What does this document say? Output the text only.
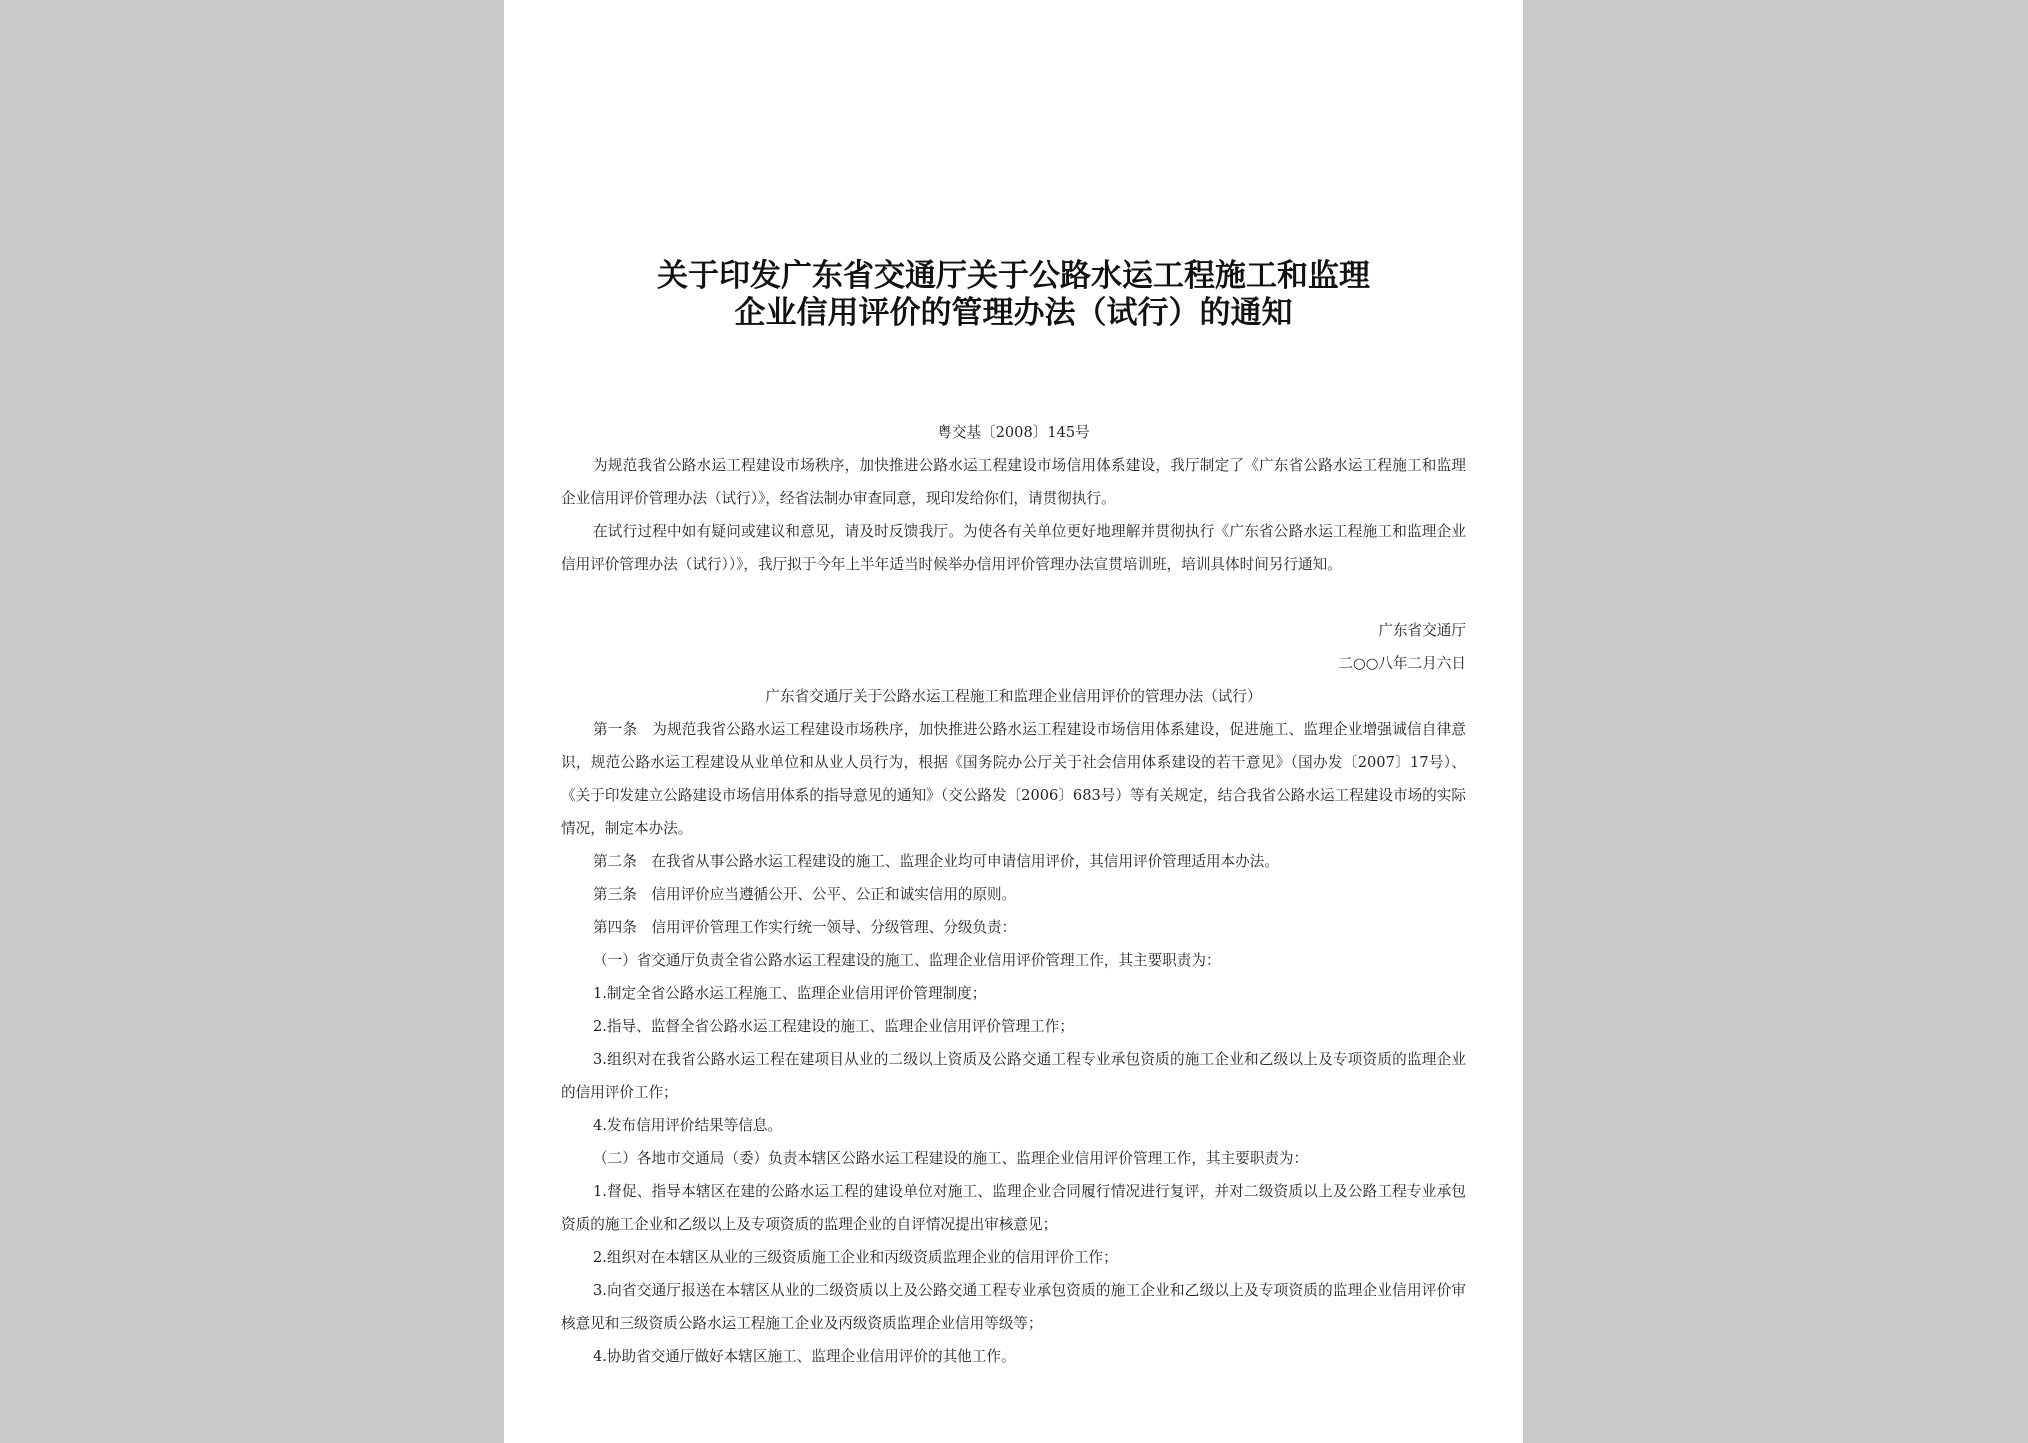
关于印发广东省交通厅关于公路水运工程施工和监理
企业信用评价的管理办法（试行）的通知
粤交基〔2008〕145号
为规范我省公路水运工程建设市场秩序，加快推进公路水运工程建设市场信用体系建设，我厅制定了《广东省公路水运工程施工和监理企业信用评价管理办法（试行）》，经省法制办审查同意，现印发给你们，请贯彻执行。
在试行过程中如有疑问或建议和意见，请及时反馈我厅。为使各有关单位更好地理解并贯彻执行《广东省公路水运工程施工和监理企业信用评价管理办法（试行））》，我厅拟于今年上半年适当时候举办信用评价管理办法宣贯培训班，培训具体时间另行通知。
广东省交通厅
二○○八年二月六日
广东省交通厅关于公路水运工程施工和监理企业信用评价的管理办法（试行）
第一条　为规范我省公路水运工程建设市场秩序，加快推进公路水运工程建设市场信用体系建设，促进施工、监理企业增强诚信自律意识，规范公路水运工程建设从业单位和从业人员行为，根据《国务院办公厅关于社会信用体系建设的若干意见》（国办发〔2007〕17号）、《关于印发建立公路建设市场信用体系的指导意见的通知》（交公路发〔2006〕683号）等有关规定，结合我省公路水运工程建设市场的实际情况，制定本办法。
第二条　在我省从事公路水运工程建设的施工、监理企业均可申请信用评价，其信用评价管理适用本办法。
第三条　信用评价应当遵循公开、公平、公正和诚实信用的原则。
第四条　信用评价管理工作实行统一领导、分级管理、分级负责：
（一）省交通厅负责全省公路水运工程建设的施工、监理企业信用评价管理工作，其主要职责为：
1.制定全省公路水运工程施工、监理企业信用评价管理制度；
2.指导、监督全省公路水运工程建设的施工、监理企业信用评价管理工作；
3.组织对在我省公路水运工程在建项目从业的二级以上资质及公路交通工程专业承包资质的施工企业和乙级以上及专项资质的监理企业的信用评价工作；
4.发布信用评价结果等信息。
（二）各地市交通局（委）负责本辖区公路水运工程建设的施工、监理企业信用评价管理工作，其主要职责为：
1.督促、指导本辖区在建的公路水运工程的建设单位对施工、监理企业合同履行情况进行复评，并对二级资质以上及公路工程专业承包资质的施工企业和乙级以上及专项资质的监理企业的自评情况提出审核意见；
2.组织对在本辖区从业的三级资质施工企业和丙级资质监理企业的信用评价工作；
3.向省交通厅报送在本辖区从业的二级资质以上及公路交通工程专业承包资质的施工企业和乙级以上及专项资质的监理企业信用评价审核意见和三级资质公路水运工程施工企业及丙级资质监理企业信用等级等；
4.协助省交通厅做好本辖区施工、监理企业信用评价的其他工作。
